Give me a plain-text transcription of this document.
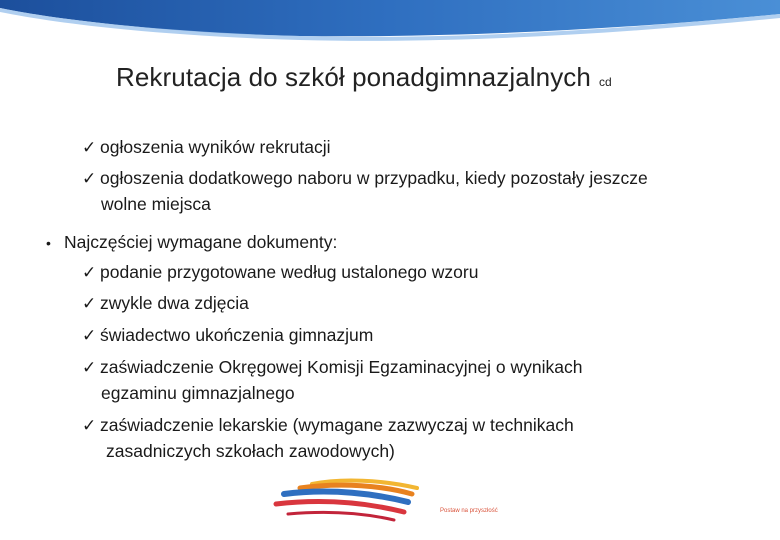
Rekrutacja do szkół ponadgimnazjalnych cd
✓ ogłoszenia wyników rekrutacji
✓ ogłoszenia dodatkowego naboru w przypadku, kiedy pozostały jeszcze
wolne miejsca
• Najczęściej wymagane dokumenty:
✓ podanie przygotowane według ustalonego wzoru
✓ zwykle dwa zdjęcia
✓ świadectwo ukończenia gimnazjum
✓ zaświadczenie Okręgowej Komisji Egzaminacyjnej o wynikach
egzaminu gimnazjalnego
✓ zaświadczenie lekarskie (wymagane zazwyczaj w technikach
zasadniczych szkołach zawodowych)
Postaw na przyszłość
